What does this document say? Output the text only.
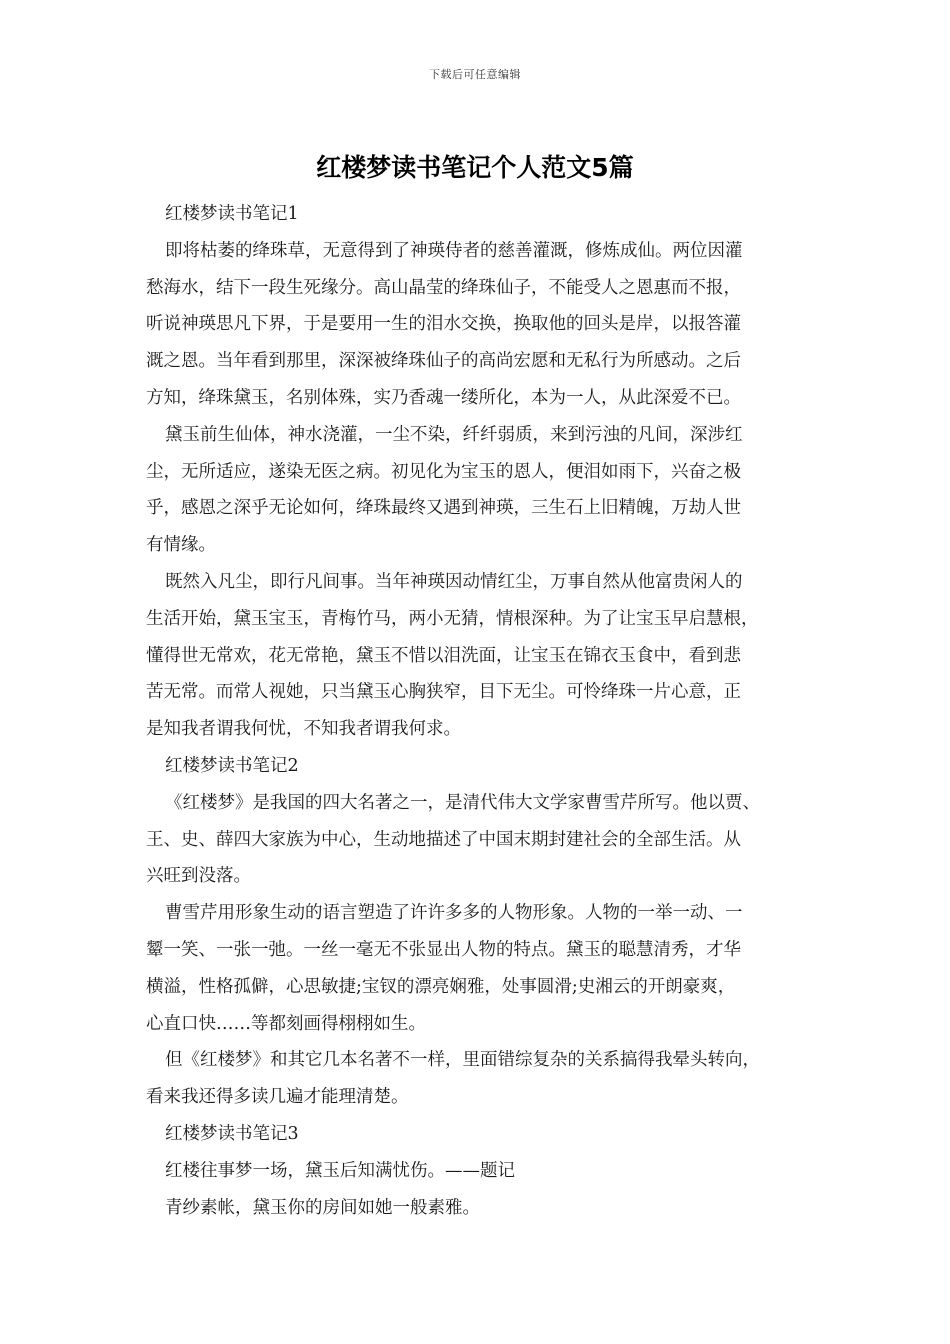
下载后可任意编辑
红楼梦读书笔记个人范文5篇
红楼梦读书笔记1
即将枯萎的绛珠草，无意得到了神瑛侍者的慈善灌溉，修炼成仙。两位因灌
愁海水，结下一段生死缘分。高山晶莹的绛珠仙子，不能受人之恩惠而不报，
听说神瑛思凡下界，于是要用一生的泪水交换，换取他的回头是岸，以报答灌
溉之恩。当年看到那里，深深被绛珠仙子的高尚宏愿和无私行为所感动。之后
方知，绛珠黛玉，名别体殊，实乃香魂一缕所化，本为一人，从此深爱不已。
黛玉前生仙体，神水浇灌，一尘不染，纤纤弱质，来到污浊的凡间，深涉红
尘，无所适应，遂染无医之病。初见化为宝玉的恩人，便泪如雨下，兴奋之极
乎，感恩之深乎无论如何，绛珠最终又遇到神瑛，三生石上旧精魄，万劫人世
有情缘。
既然入凡尘，即行凡间事。当年神瑛因动情红尘，万事自然从他富贵闲人的
生活开始，黛玉宝玉，青梅竹马，两小无猜，情根深种。为了让宝玉早启慧根，
懂得世无常欢，花无常艳，黛玉不惜以泪洗面，让宝玉在锦衣玉食中，看到悲
苦无常。而常人视她，只当黛玉心胸狭窄，目下无尘。可怜绛珠一片心意，正
是知我者谓我何忧，不知我者谓我何求。
红楼梦读书笔记2
《红楼梦》是我国的四大名著之一，是清代伟大文学家曹雪芹所写。他以贾、
王、史、薛四大家族为中心，生动地描述了中国末期封建社会的全部生活。从
兴旺到没落。
曹雪芹用形象生动的语言塑造了许许多多的人物形象。人物的一举一动、一
颦一笑、一张一弛。一丝一毫无不张显出人物的特点。黛玉的聪慧清秀，才华
横溢，性格孤僻，心思敏捷;宝钗的漂亮娴雅，处事圆滑;史湘云的开朗豪爽，
心直口快……等都刻画得栩栩如生。
但《红楼梦》和其它几本名著不一样，里面错综复杂的关系搞得我晕头转向，
看来我还得多读几遍才能理清楚。
红楼梦读书笔记3
红楼往事梦一场，黛玉后知满忧伤。——题记
青纱素帐，黛玉你的房间如她一般素雅。
